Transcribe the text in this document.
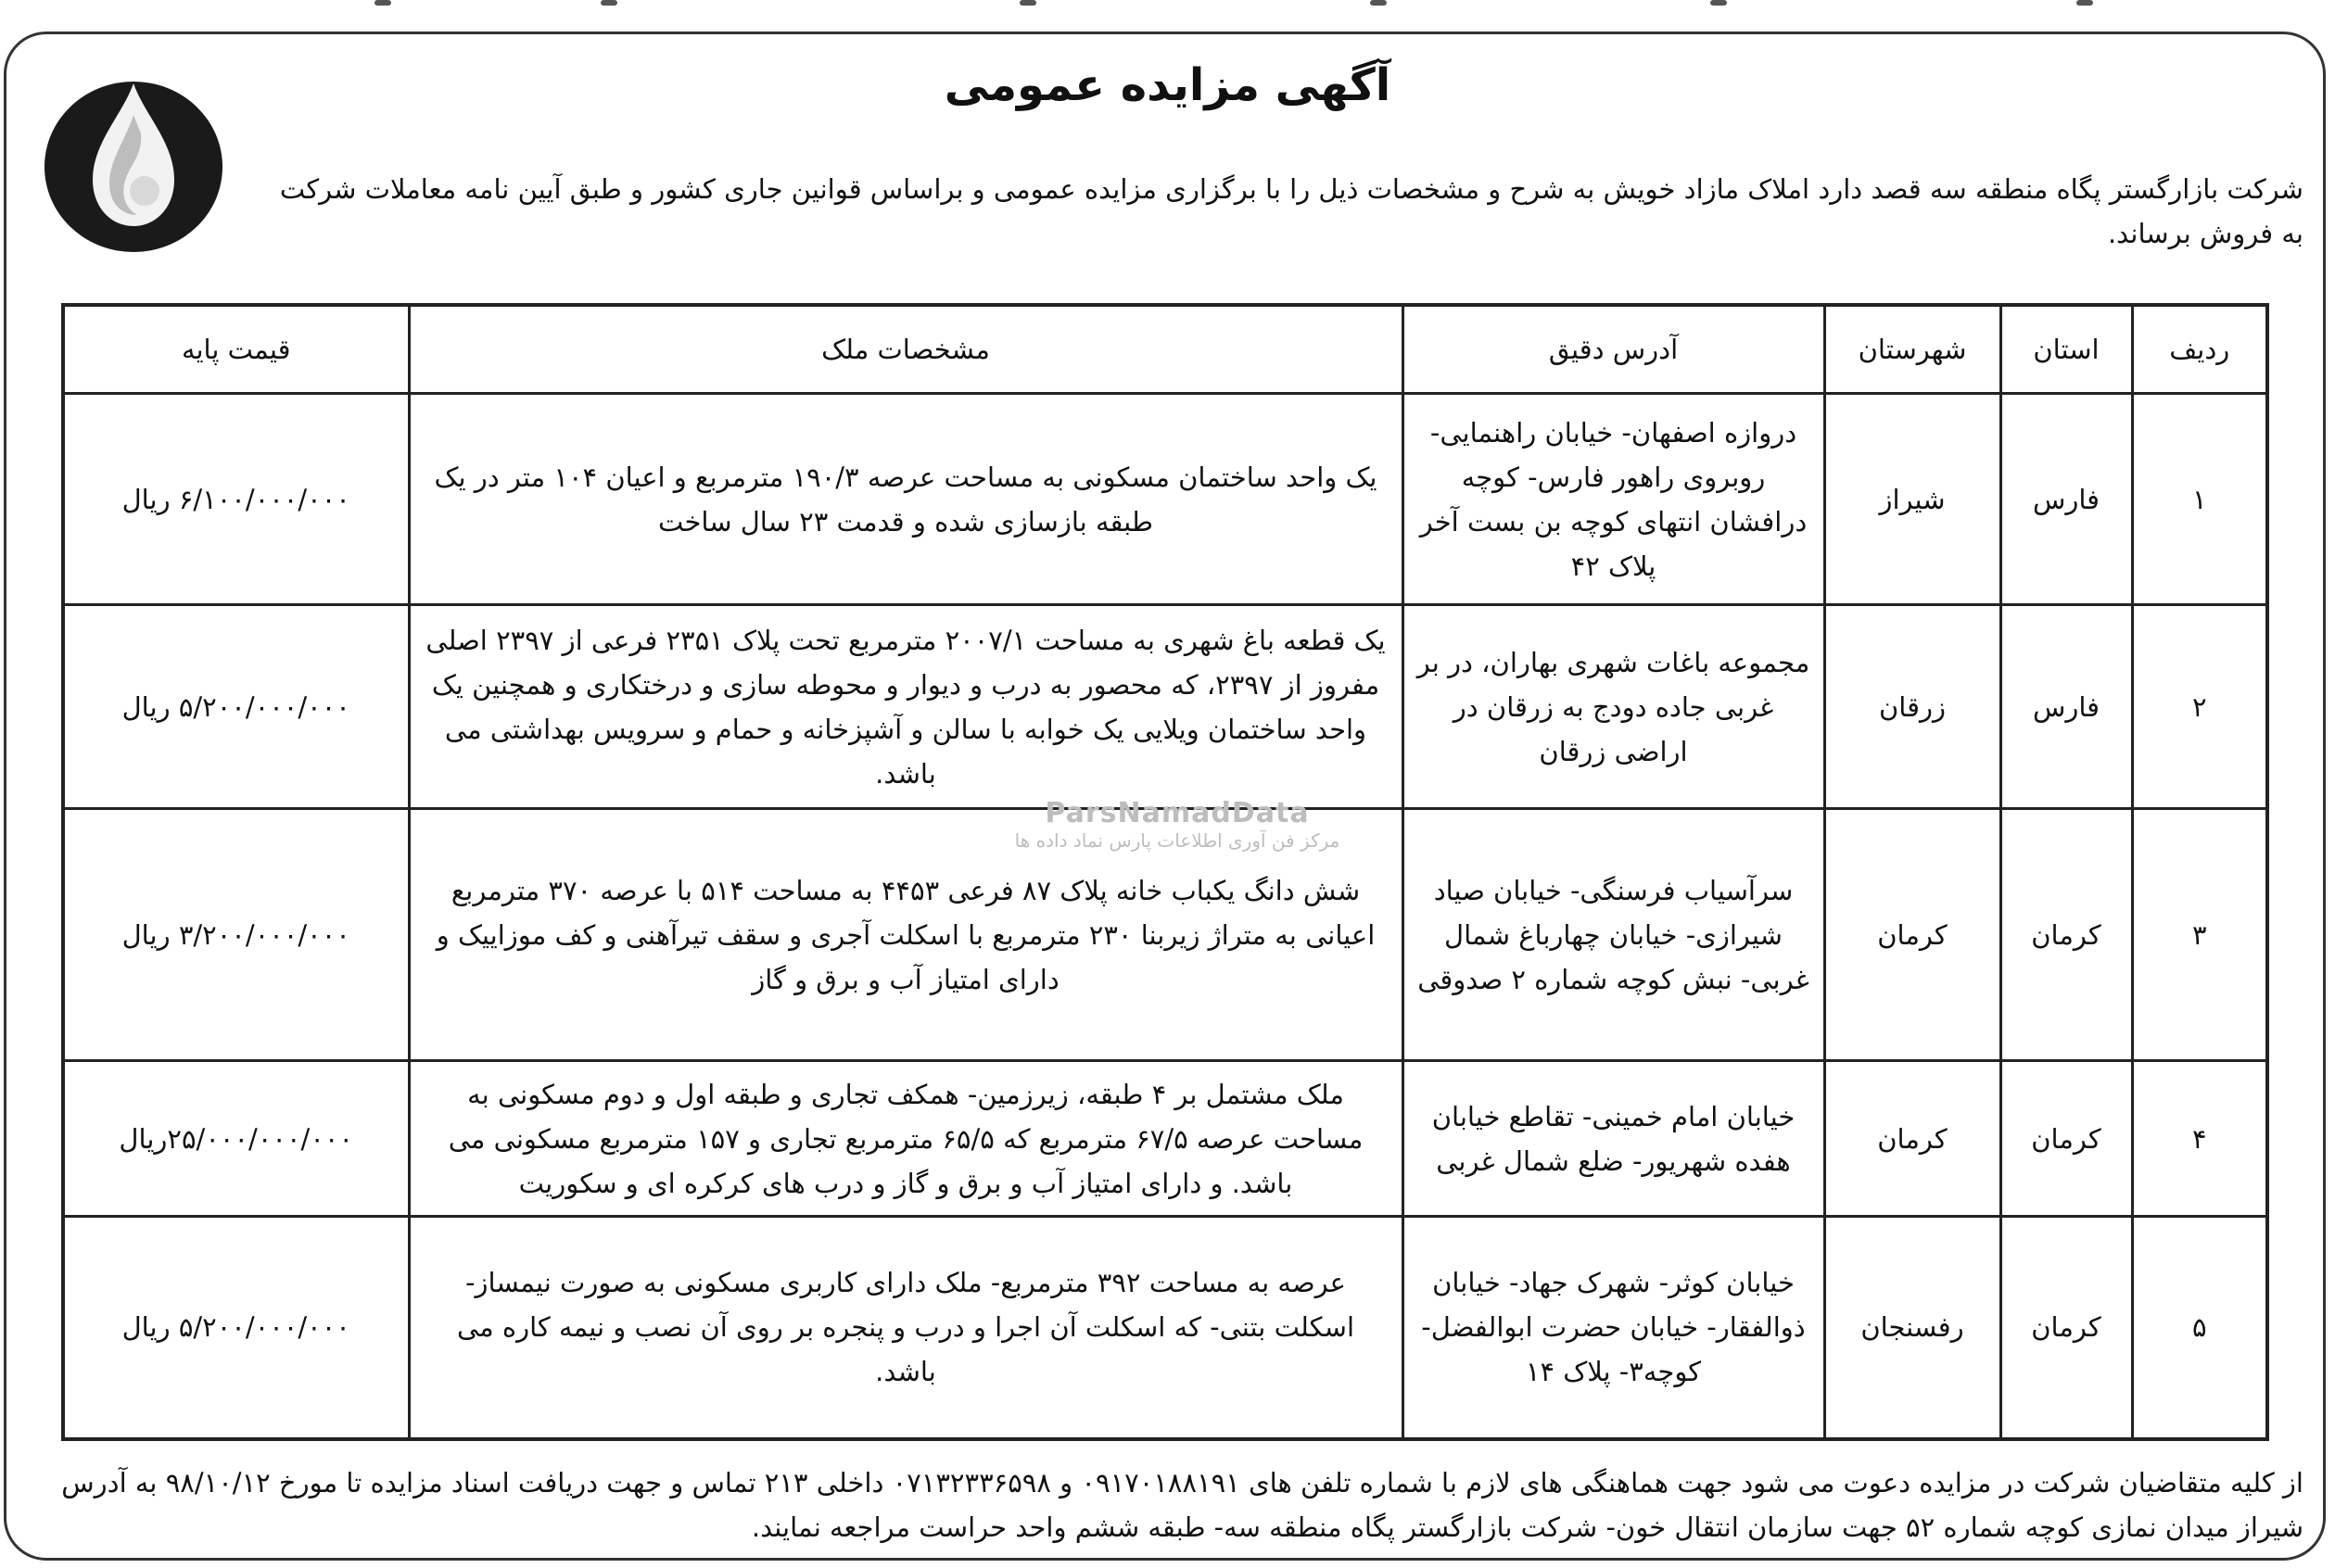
آگهی مزایده عمومی

شرکت بازارگستر پگاه منطقه سه قصد دارد املاک مازاد خویش به شرح و مشخصات ذیل را با برگزاری مزایده عمومی و براساس قوانین جاری کشور و طبق آیین نامه معاملات شرکت به فروش برساند.

ردیف	استان	شهرستان	آدرس دقیق	مشخصات ملک	قیمت پایه
۱	فارس	شیراز	دروازه اصفهان- خیابان راهنمایی- روبروی راهور فارس- کوچه درافشان انتهای کوچه بن بست آخر پلاک ۴۲	یک واحد ساختمان مسکونی به مساحت عرصه ۱۹۰/۳ مترمربع و اعیان ۱۰۴ متر در یک طبقه بازسازی شده و قدمت ۲۳ سال ساخت	۶/۱۰۰/۰۰۰/۰۰۰ ریال
۲	فارس	زرقان	مجموعه باغات شهری بهاران، در بر غربی جاده دودج به زرقان در اراضی زرقان	یک قطعه باغ شهری به مساحت ۲۰۰۷/۱ مترمربع تحت پلاک ۲۳۵۱ فرعی از ۲۳۹۷ اصلی مفروز از ۲۳۹۷، که محصور به درب و دیوار و محوطه سازی و درختکاری و همچنین یک واحد ساختمان ویلایی یک خوابه با سالن و آشپزخانه و حمام و سرویس بهداشتی می باشد.	۵/۲۰۰/۰۰۰/۰۰۰ ریال
۳	کرمان	کرمان	سرآسیاب فرسنگی- خیابان صیاد شیرازی- خیابان چهارباغ شمال غربی- نبش کوچه شماره ۲ صدوقی	شش دانگ یکباب خانه پلاک ۸۷ فرعی ۴۴۵۳ به مساحت ۵۱۴ با عرصه ۳۷۰ مترمربع اعیانی به متراژ زیربنا ۲۳۰ مترمربع با اسکلت آجری و سقف تیرآهنی و کف موزاییک و دارای امتیاز آب و برق و گاز	۳/۲۰۰/۰۰۰/۰۰۰ ریال
۴	کرمان	کرمان	خیابان امام خمینی- تقاطع خیابان هفده شهریور- ضلع شمال غربی	ملک مشتمل بر ۴ طبقه، زیرزمین- همکف تجاری و طبقه اول و دوم مسکونی به مساحت عرصه ۶۷/۵ مترمربع که ۶۵/۵ مترمربع تجاری و ۱۵۷ مترمربع مسکونی می باشد. و دارای امتیاز آب و برق و گاز و درب های کرکره ای و سکوریت	۲۵/۰۰۰/۰۰۰/۰۰۰ریال
۵	کرمان	رفسنجان	خیابان کوثر- شهرک جهاد- خیابان ذوالفقار- خیابان حضرت ابوالفضل- کوچه۳- پلاک ۱۴	عرصه به مساحت ۳۹۲ مترمربع- ملک دارای کاربری مسکونی به صورت نیمساز- اسکلت بتنی- که اسکلت آن اجرا و درب و پنجره بر روی آن نصب و نیمه کاره می باشد.	۵/۲۰۰/۰۰۰/۰۰۰ ریال
ParsNamadData
مرکز فن آوری اطلاعات پارس نماد داده ها

از کلیه متقاضیان شرکت در مزایده دعوت می شود جهت هماهنگی های لازم با شماره تلفن های ۰۹۱۷۰۱۸۸۱۹۱ و ۰۷۱۳۲۳۳۶۵۹۸ داخلی ۲۱۳ تماس و جهت دریافت اسناد مزایده تا مورخ ۹۸/۱۰/۱۲ به آدرس شیراز میدان نمازی کوچه شماره ۵۲ جهت سازمان انتقال خون- شرکت بازارگستر پگاه منطقه سه- طبقه ششم واحد حراست مراجعه نمایند.
